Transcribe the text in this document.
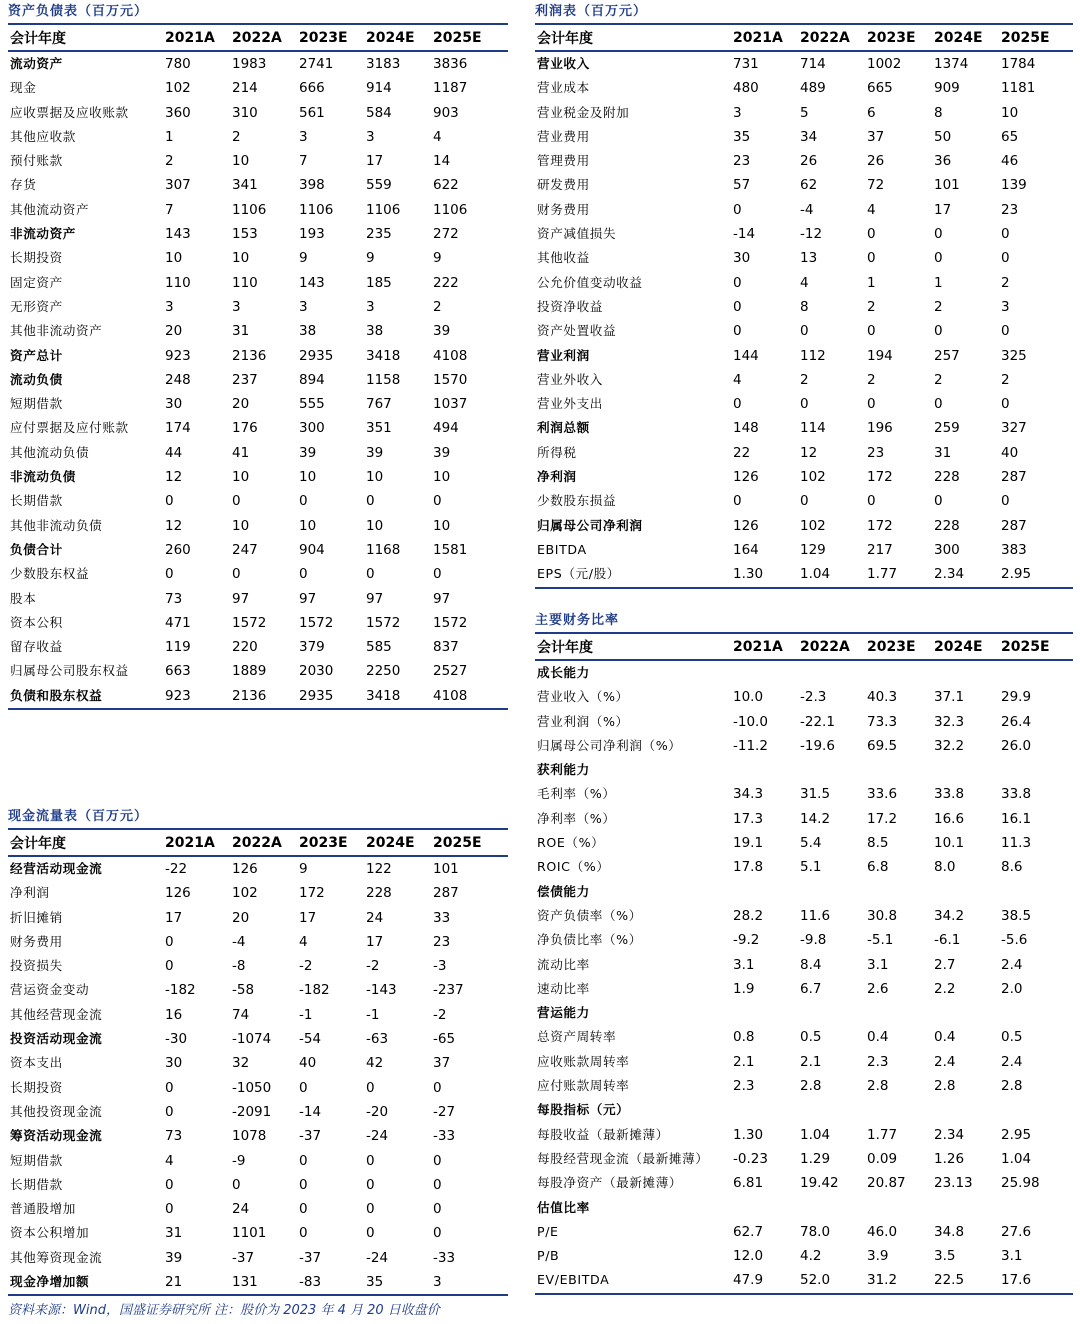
资产负债表（百万元）
会计年度	2021A	2022A	2023E	2024E	2025E
流动资产	780	1983	2741	3183	3836
现金	102	214	666	914	1187
应收票据及应收账款	360	310	561	584	903
其他应收款	1	2	3	3	4
预付账款	2	10	7	17	14
存货	307	341	398	559	622
其他流动资产	7	1106	1106	1106	1106
非流动资产	143	153	193	235	272
长期投资	10	10	9	9	9
固定资产	110	110	143	185	222
无形资产	3	3	3	3	2
其他非流动资产	20	31	38	38	39
资产总计	923	2136	2935	3418	4108
流动负债	248	237	894	1158	1570
短期借款	30	20	555	767	1037
应付票据及应付账款	174	176	300	351	494
其他流动负债	44	41	39	39	39
非流动负债	12	10	10	10	10
长期借款	0	0	0	0	0
其他非流动负债	12	10	10	10	10
负债合计	260	247	904	1168	1581
少数股东权益	0	0	0	0	0
股本	73	97	97	97	97
资本公积	471	1572	1572	1572	1572
留存收益	119	220	379	585	837
归属母公司股东权益	663	1889	2030	2250	2527
负债和股东权益	923	2136	2935	3418	4108
利润表（百万元）
会计年度	2021A	2022A	2023E	2024E	2025E
营业收入	731	714	1002	1374	1784
营业成本	480	489	665	909	1181
营业税金及附加	3	5	6	8	10
营业费用	35	34	37	50	65
管理费用	23	26	26	36	46
研发费用	57	62	72	101	139
财务费用	0	-4	4	17	23
资产减值损失	-14	-12	0	0	0
其他收益	30	13	0	0	0
公允价值变动收益	0	4	1	1	2
投资净收益	0	8	2	2	3
资产处置收益	0	0	0	0	0
营业利润	144	112	194	257	325
营业外收入	4	2	2	2	2
营业外支出	0	0	0	0	0
利润总额	148	114	196	259	327
所得税	22	12	23	31	40
净利润	126	102	172	228	287
少数股东损益	0	0	0	0	0
归属母公司净利润	126	102	172	228	287
EBITDA	164	129	217	300	383
EPS（元/股）	1.30	1.04	1.77	2.34	2.95
主要财务比率
会计年度	2021A	2022A	2023E	2024E	2025E
成长能力					
营业收入（%）	10.0	-2.3	40.3	37.1	29.9
营业利润（%）	-10.0	-22.1	73.3	32.3	26.4
归属母公司净利润（%）	-11.2	-19.6	69.5	32.2	26.0
获利能力					
毛利率（%）	34.3	31.5	33.6	33.8	33.8
净利率（%）	17.3	14.2	17.2	16.6	16.1
ROE（%）	19.1	5.4	8.5	10.1	11.3
ROIC（%）	17.8	5.1	6.8	8.0	8.6
偿债能力					
资产负债率（%）	28.2	11.6	30.8	34.2	38.5
净负债比率（%）	-9.2	-9.8	-5.1	-6.1	-5.6
流动比率	3.1	8.4	3.1	2.7	2.4
速动比率	1.9	6.7	2.6	2.2	2.0
营运能力					
总资产周转率	0.8	0.5	0.4	0.4	0.5
应收账款周转率	2.1	2.1	2.3	2.4	2.4
应付账款周转率	2.3	2.8	2.8	2.8	2.8
每股指标（元）					
每股收益（最新摊薄）	1.30	1.04	1.77	2.34	2.95
每股经营现金流（最新摊薄）	-0.23	1.29	0.09	1.26	1.04
每股净资产（最新摊薄）	6.81	19.42	20.87	23.13	25.98
估值比率					
P/E	62.7	78.0	46.0	34.8	27.6
P/B	12.0	4.2	3.9	3.5	3.1
EV/EBITDA	47.9	52.0	31.2	22.5	17.6
现金流量表（百万元）
会计年度	2021A	2022A	2023E	2024E	2025E
经营活动现金流	-22	126	9	122	101
净利润	126	102	172	228	287
折旧摊销	17	20	17	24	33
财务费用	0	-4	4	17	23
投资损失	0	-8	-2	-2	-3
营运资金变动	-182	-58	-182	-143	-237
其他经营现金流	16	74	-1	-1	-2
投资活动现金流	-30	-1074	-54	-63	-65
资本支出	30	32	40	42	37
长期投资	0	-1050	0	0	0
其他投资现金流	0	-2091	-14	-20	-27
筹资活动现金流	73	1078	-37	-24	-33
短期借款	4	-9	0	0	0
长期借款	0	0	0	0	0
普通股增加	0	24	0	0	0
资本公积增加	31	1101	0	0	0
其他筹资现金流	39	-37	-37	-24	-33
现金净增加额	21	131	-83	35	3
资料来源：Wind，国盛证券研究所 注：股价为 2023 年 4 月 20 日收盘价
